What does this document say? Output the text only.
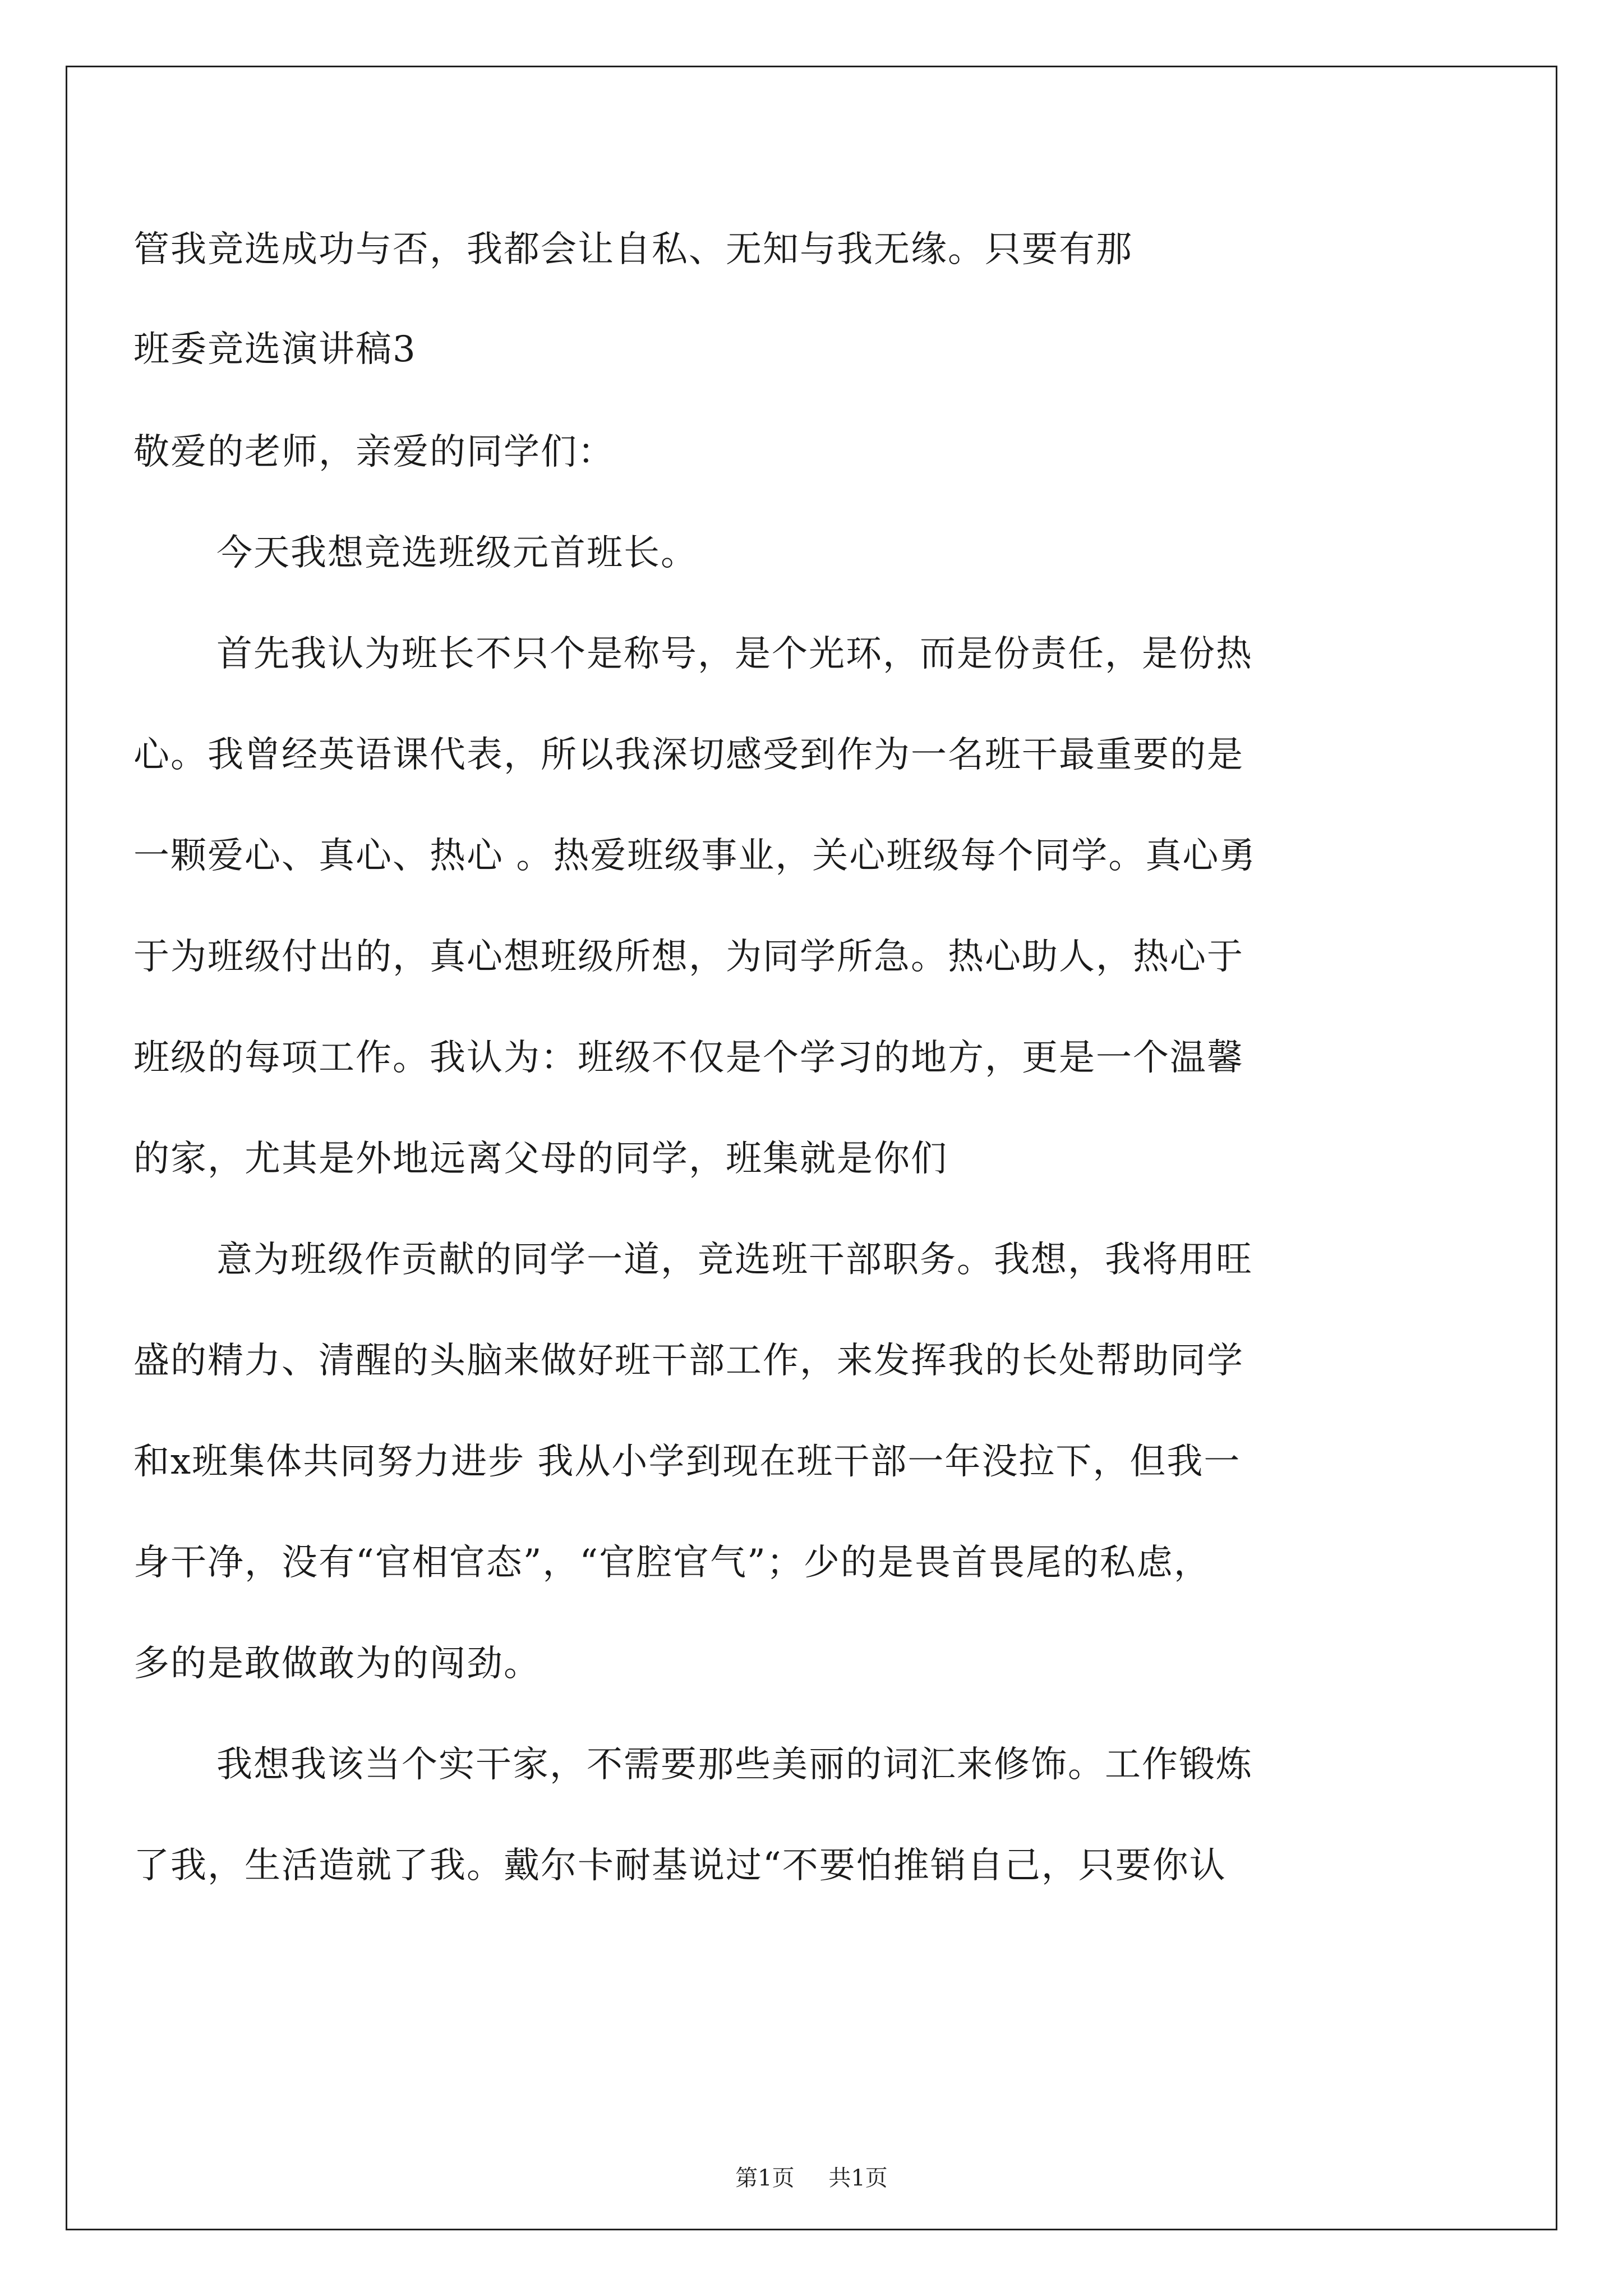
管我竞选成功与否，我都会让自私、无知与我无缘。只要有那
班委竞选演讲稿3
敬爱的老师，亲爱的同学们：
今天我想竞选班级元首班长。
首先我认为班长不只个是称号，是个光环，而是份责任，是份热
心。我曾经英语课代表，所以我深切感受到作为一名班干最重要的是
一颗爱心、真心、热心 。热爱班级事业，关心班级每个同学。真心勇
于为班级付出的，真心想班级所想，为同学所急。热心助人，热心于
班级的每项工作。我认为：班级不仅是个学习的地方，更是一个温馨
的家，尤其是外地远离父母的同学，班集就是你们
意为班级作贡献的同学一道，竞选班干部职务。我想，我将用旺
盛的精力、清醒的头脑来做好班干部工作，来发挥我的长处帮助同学
和x班集体共同努力进步 我从小学到现在班干部一年没拉下，但我一
身干净，没有“官相官态”，“官腔官气”；少的是畏首畏尾的私虑，
多的是敢做敢为的闯劲。
我想我该当个实干家，不需要那些美丽的词汇来修饰。工作锻炼
了我，生活造就了我。戴尔卡耐基说过“不要怕推销自己，只要你认
第1页 共1页
